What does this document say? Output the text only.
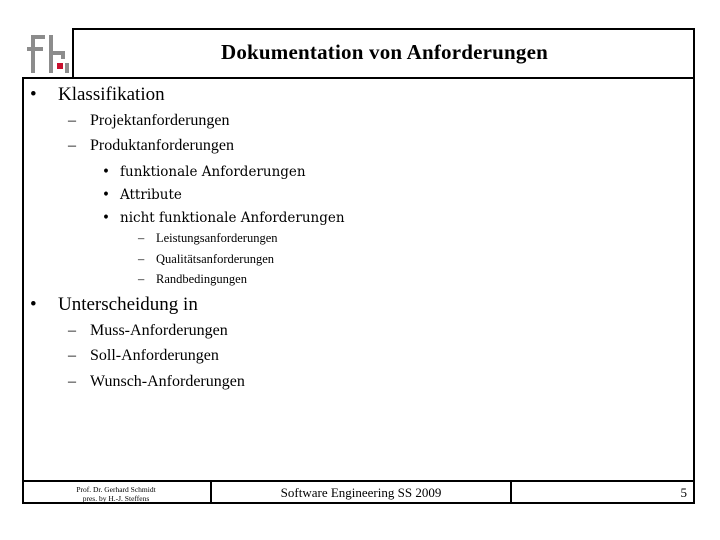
Dokumentation von Anforderungen
• Klassifikation
– Projektanforderungen
– Produktanforderungen
• funktionale Anforderungen
• Attribute
• nicht funktionale Anforderungen
– Leistungsanforderungen
– Qualitätsanforderungen
– Randbedingungen
• Unterscheidung in
– Muss-Anforderungen
– Soll-Anforderungen
– Wunsch-Anforderungen
Prof. Dr. Gerhard Schmidt
pres. by H.-J. Steffens	Software Engineering SS 2009	5
